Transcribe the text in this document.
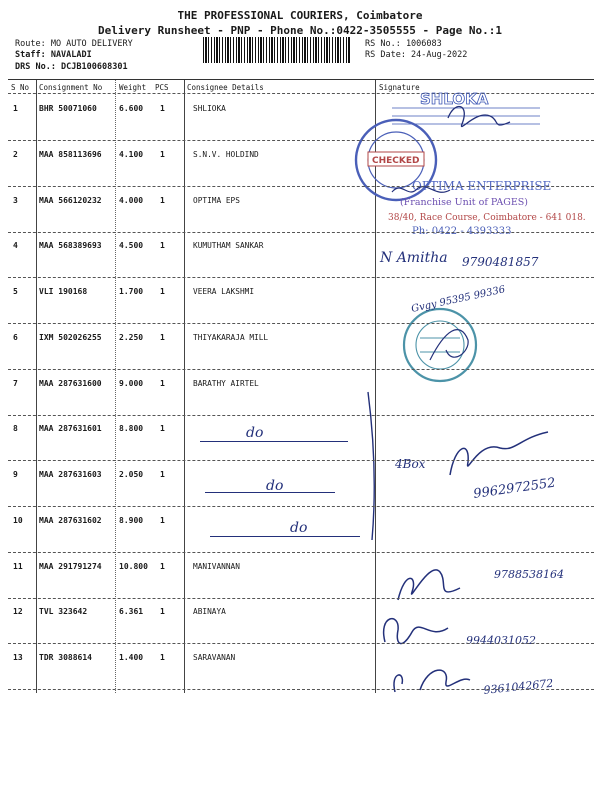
THE PROFESSIONAL COURIERS, Coimbatore
Delivery Runsheet - PNP - Phone No.:0422-3505555 - Page No.:1
Route: MO AUTO DELIVERY
Staff: NAVALADI
DRS No.: DCJB100608301
RS No.: 1006083
RS Date: 24-Aug-2022
S No Consignment No Weight PCS Consignee Details	Signature
1	BHR 50071060	6.600 1	SHLIOKA
2	MAA 858113696 4.100 1	S.N.V. HOLDIND
3	MAA 566120232 4.000 1	OPTIMA EPS
4	MAA 568389693 4.500 1	KUMUTHAM SANKAR
5	VLI 190168	1.700 1	VEERA LAKSHMI
6	IXM 502026255 2.250 1	THIYAKARAJA MILL
7	MAA 287631600 9.000 1	BARATHY AIRTEL
8	MAA 287631601 8.800 1
9	MAA 287631603 2.050 1
10 MAA 287631602 8.900 1
11 MAA 291791274 10.800 1	MANIVANNAN
12 TVL 323642	6.361 1	ABINAYA
13 TDR 3088614	1.400 1	SARAVANAN
do
do
do
SHLOKA
CHECKED
OPTIMA ENTERPRISE
(Franchise Unit of PAGES)
38/40, Race Course, Coimbatore - 641 018.
Ph: 0422 - 4393333
N Amitha 9790481857
Gvgy 95395 99336
4Box
9962972552
9788538164
9944031052
9361042672
